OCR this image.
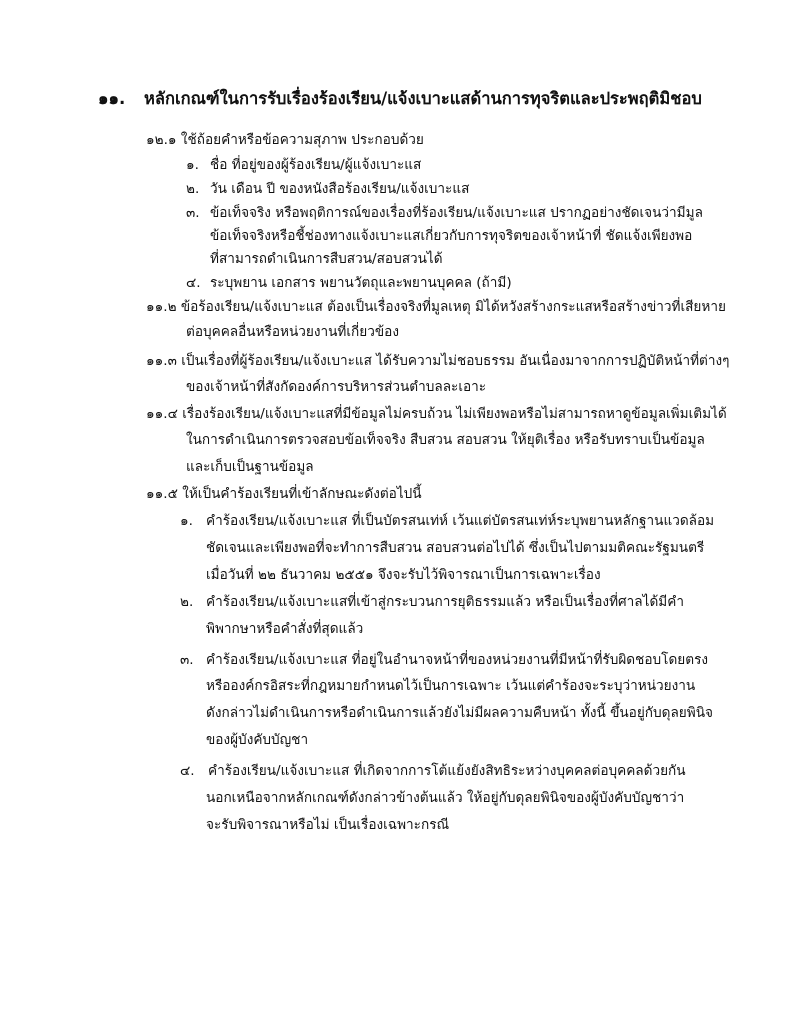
๑๑. หลักเกณฑ์ในการรับเรื่องร้องเรียน/แจ้งเบาะแสด้านการทุจริตและประพฤติมิชอบ
๑๒.๑ ใช้ถ้อยคำหรือข้อความสุภาพ ประกอบด้วย
๑. ชื่อ ที่อยู่ของผู้ร้องเรียน/ผู้แจ้งเบาะแส
๒. วัน เดือน ปี ของหนังสือร้องเรียน/แจ้งเบาะแส
๓. ข้อเท็จจริง หรือพฤติการณ์ของเรื่องที่ร้องเรียน/แจ้งเบาะแส ปรากฏอย่างชัดเจนว่ามีมูล
ข้อเท็จจริงหรือชี้ช่องทางแจ้งเบาะแสเกี่ยวกับการทุจริตของเจ้าหน้าที่ ชัดแจ้งเพียงพอ
ที่สามารถดำเนินการสืบสวน/สอบสวนได้
๔. ระบุพยาน เอกสาร พยานวัตถุและพยานบุคคล (ถ้ามี)
๑๑.๒ ข้อร้องเรียน/แจ้งเบาะแส ต้องเป็นเรื่องจริงที่มูลเหตุ มิได้หวังสร้างกระแสหรือสร้างข่าวที่เสียหาย
ต่อบุคคลอื่นหรือหน่วยงานที่เกี่ยวข้อง
๑๑.๓ เป็นเรื่องที่ผู้ร้องเรียน/แจ้งเบาะแส ได้รับความไม่ชอบธรรม อันเนื่องมาจากการปฏิบัติหน้าที่ต่างๆ
ของเจ้าหน้าที่สังกัดองค์การบริหารส่วนตำบลละเอาะ
๑๑.๔ เรื่องร้องเรียน/แจ้งเบาะแสที่มีข้อมูลไม่ครบถ้วน ไม่เพียงพอหรือไม่สามารถหาดูข้อมูลเพิ่มเติมได้
ในการดำเนินการตรวจสอบข้อเท็จจริง สืบสวน สอบสวน ให้ยุติเรื่อง หรือรับทราบเป็นข้อมูล
และเก็บเป็นฐานข้อมูล
๑๑.๕ ให้เป็นคำร้องเรียนที่เข้าลักษณะดังต่อไปนี้
๑. คำร้องเรียน/แจ้งเบาะแส ที่เป็นบัตรสนเท่ห์ เว้นแต่บัตรสนเท่ห์ระบุพยานหลักฐานแวดล้อม
ชัดเจนและเพียงพอที่จะทำการสืบสวน สอบสวนต่อไปได้ ซึ่งเป็นไปตามมติคณะรัฐมนตรี
เมื่อวันที่ ๒๒ ธันวาคม ๒๕๕๑ จึงจะรับไว้พิจารณาเป็นการเฉพาะเรื่อง
๒. คำร้องเรียน/แจ้งเบาะแสที่เข้าสู่กระบวนการยุติธรรมแล้ว หรือเป็นเรื่องที่ศาลได้มีคำ
พิพากษาหรือคำสั่งที่สุดแล้ว
๓. คำร้องเรียน/แจ้งเบาะแส ที่อยู่ในอำนาจหน้าที่ของหน่วยงานที่มีหน้าที่รับผิดชอบโดยตรง
หรือองค์กรอิสระที่กฎหมายกำหนดไว้เป็นการเฉพาะ เว้นแต่คำร้องจะระบุว่าหน่วยงาน
ดังกล่าวไม่ดำเนินการหรือดำเนินการแล้วยังไม่มีผลความคืบหน้า ทั้งนี้ ขึ้นอยู่กับดุลยพินิจ
ของผู้บังคับบัญชา
๔. คำร้องเรียน/แจ้งเบาะแส ที่เกิดจากการโต้แย้งยังสิทธิระหว่างบุคคลต่อบุคคลด้วยกัน
นอกเหนือจากหลักเกณฑ์ดังกล่าวข้างต้นแล้ว ให้อยู่กับดุลยพินิจของผู้บังคับบัญชาว่า
จะรับพิจารณาหรือไม่ เป็นเรื่องเฉพาะกรณี
